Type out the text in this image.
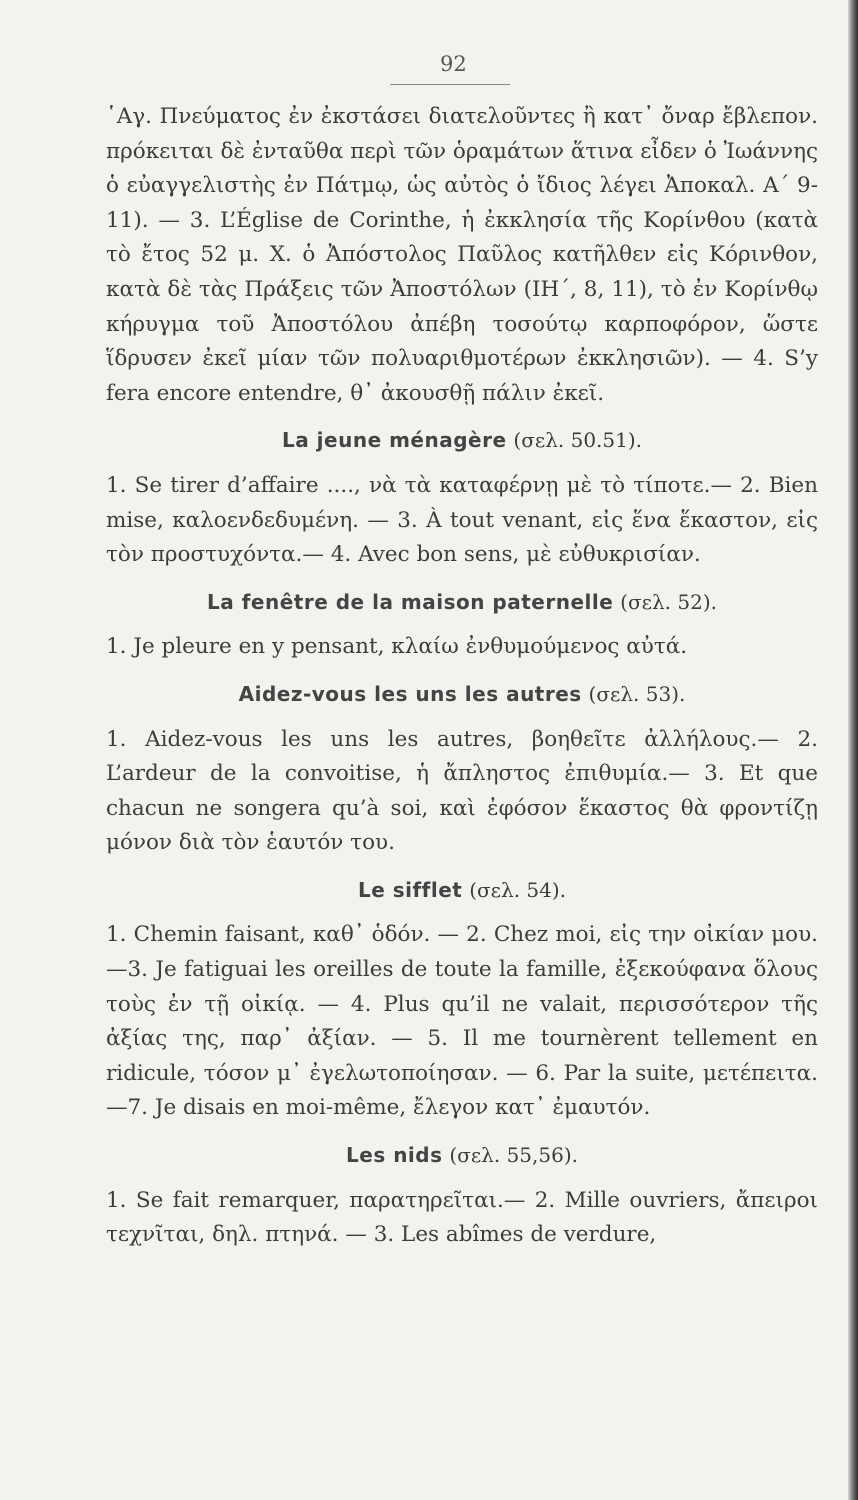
92

῾Αγ. Πνεύματος ἐν ἐκστάσει διατελοῦντες ἢ κατ᾽ ὄναρ ἔβλεπον. πρόκειται δὲ ἐνταῦθα περὶ τῶν ὁραμάτων ἅτινα εἶδεν ὁ Ἰωάννης ὁ εὐαγγελιστὴς ἐν Πάτμῳ, ὡς αὐτὸς ὁ ἴδιος λέγει Ἀποκαλ. Α΄ 9-11). — 3. L’Église de Corinthe, ἡ ἐκκλησία τῆς Κορίνθου (κατὰ τὸ ἔτος 52 μ. Χ. ὁ Ἀπόστολος Παῦλος κατῆλθεν εἰς Κόρινθον, κατὰ δὲ τὰς Πράξεις τῶν Ἀποστόλων (ΙΗ΄, 8, 11), τὸ ἐν Κορίνθῳ κήρυγμα τοῦ Ἀποστόλου ἀπέβη τοσούτῳ καρποφόρον, ὥστε ἵδρυσεν ἐκεῖ μίαν τῶν πολυαριθμοτέρων ἐκκλησιῶν). — 4. S’y fera encore entendre, θ᾽ ἀκουσθῇ πάλιν ἐκεῖ.

La jeune ménagère (σελ. 50.51).

1. Se tirer d’affaire ...., νὰ τὰ καταφέρνῃ μὲ τὸ τίποτε.— 2. Bien mise, καλοενδεδυμένη. — 3. À tout venant, εἰς ἕνα ἕκαστον, εἰς τὸν προστυχόντα.— 4. Avec bon sens, μὲ εὐθυκρισίαν.

La fenêtre de la maison paternelle (σελ. 52).

1. Je pleure en y pensant, κλαίω ἐνθυμούμενος αὐτά.

Aidez-vous les uns les autres (σελ. 53).

1. Aidez-vous les uns les autres, βοηθεῖτε ἀλλήλους.— 2. L’ardeur de la convoitise, ἡ ἄπληστος ἐπιθυμία.— 3. Et que chacun ne songera qu’à soi, καὶ ἐφόσον ἕκαστος θὰ φροντίζῃ μόνον διὰ τὸν ἑαυτόν του.

Le sifflet (σελ. 54).

1. Chemin faisant, καθ᾽ ὁδόν. — 2. Chez moi, εἰς την οἰκίαν μου.—3. Je fatiguai les oreilles de toute la famille, ἐξεκούφανα ὅλους τοὺς ἐν τῇ οἰκίᾳ. — 4. Plus qu’il ne valait, περισσότερον τῆς ἀξίας της, παρ᾽ ἀξίαν. — 5. Il me tournèrent tellement en ridicule, τόσον μ᾽ ἐγελωτοποίησαν. — 6. Par la suite, μετέπειτα.—7. Je disais en moi-même, ἔλεγον κατ᾽ ἐμαυτόν.

Les nids (σελ. 55,56).

1. Se fait remarquer, παρατηρεῖται.— 2. Mille ouvriers, ἄπειροι τεχνῖται, δηλ. πτηνά. — 3. Les abîmes de verdure,
